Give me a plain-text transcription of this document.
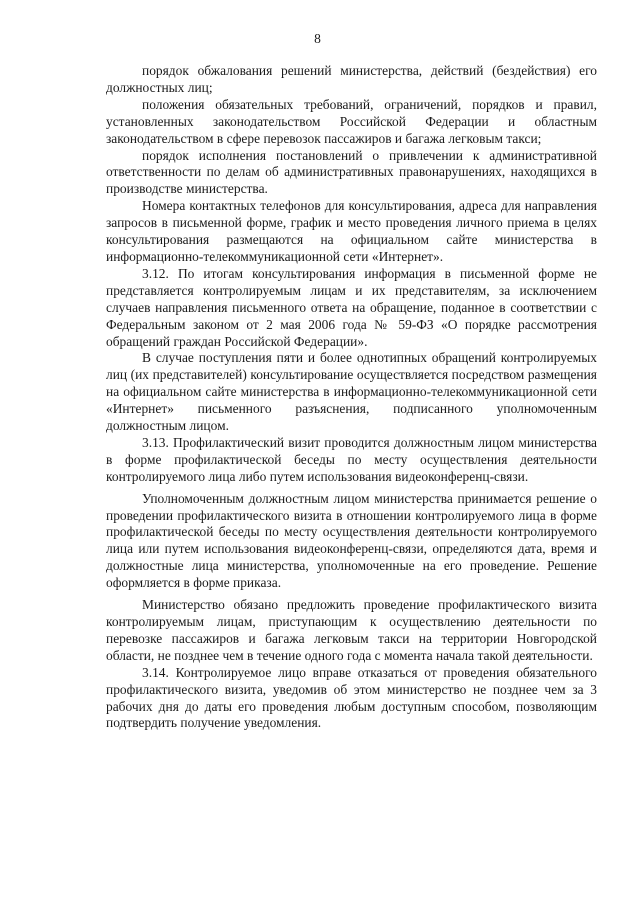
8

порядок обжалования решений министерства, действий (бездействия) его должностных лиц;

положения обязательных требований, ограничений, порядков и правил, установленных законодательством Российской Федерации и областным законодательством в сфере перевозок пассажиров и багажа легковым такси;

порядок исполнения постановлений о привлечении к административной ответственности по делам об административных правонарушениях, находящихся в производстве министерства.

Номера контактных телефонов для консультирования, адреса для направления запросов в письменной форме, график и место проведения личного приема в целях консультирования размещаются на официальном сайте министерства в информационно-телекоммуникационной сети «Интернет».

3.12. По итогам консультирования информация в письменной форме не представляется контролируемым лицам и их представителям, за исключением случаев направления письменного ответа на обращение, поданное в соответствии с Федеральным законом от 2 мая 2006 года № 59-ФЗ «О порядке рассмотрения обращений граждан Российской Федерации».

В случае поступления пяти и более однотипных обращений контролируемых лиц (их представителей) консультирование осуществляется посредством размещения на официальном сайте министерства в информационно-телекоммуникационной сети «Интернет» письменного разъяснения, подписанного уполномоченным должностным лицом.

3.13. Профилактический визит проводится должностным лицом министерства в форме профилактической беседы по месту осуществления деятельности контролируемого лица либо путем использования видеоконференц-связи.

Уполномоченным должностным лицом министерства принимается решение о проведении профилактического визита в отношении контролируемого лица в форме профилактической беседы по месту осуществления деятельности контролируемого лица или путем использования видеоконференц-связи, определяются дата, время и должностные лица министерства, уполномоченные на его проведение. Решение оформляется в форме приказа.

Министерство обязано предложить проведение профилактического визита контролируемым лицам, приступающим к осуществлению деятельности по перевозке пассажиров и багажа легковым такси на территории Новгородской области, не позднее чем в течение одного года с момента начала такой деятельности.

3.14. Контролируемое лицо вправе отказаться от проведения обязательного профилактического визита, уведомив об этом министерство не позднее чем за 3 рабочих дня до даты его проведения любым доступным способом, позволяющим подтвердить получение уведомления.
